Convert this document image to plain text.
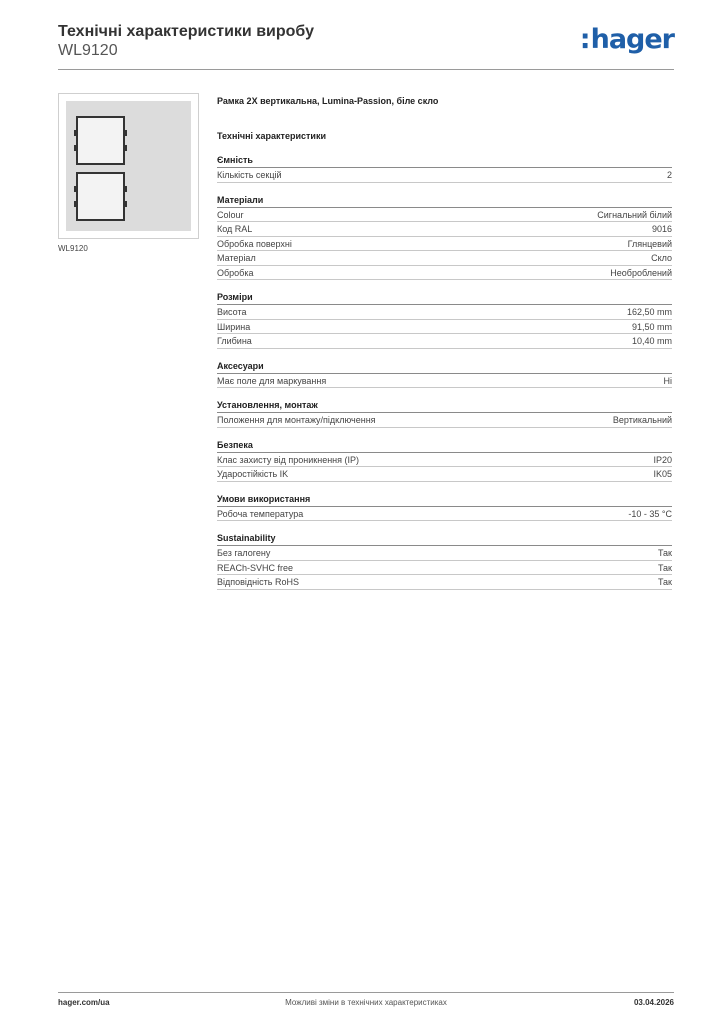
Технічні характеристики виробу
WL9120	:hager
WL9120
Рамка 2X вертикальна, Lumina-Passion, біле скло
Технічні характеристики
Ємність
Кількість секцій	2
Матеріали
Colour	Сигнальний білий
Код RAL	9016
Обробка поверхні	Глянцевий
Матеріал	Скло
Обробка	Необроблений
Розміри
Висота	162,50 mm
Ширина	91,50 mm
Глибина	10,40 mm
Аксесуари
Має поле для маркування	Ні
Установлення, монтаж
Положення для монтажу/підключення	Вертикальний
Безпека
Клас захисту від проникнення (IP)	IP20
Ударостійкість IK	IK05
Умови використання
Робоча температура	-10 - 35 °C
Sustainability
Без галогену	Так
REACh-SVHC free	Так
Відповідність RoHS	Так
hager.com/ua	Можливі зміни в технічних характеристиках	03.04.2026
